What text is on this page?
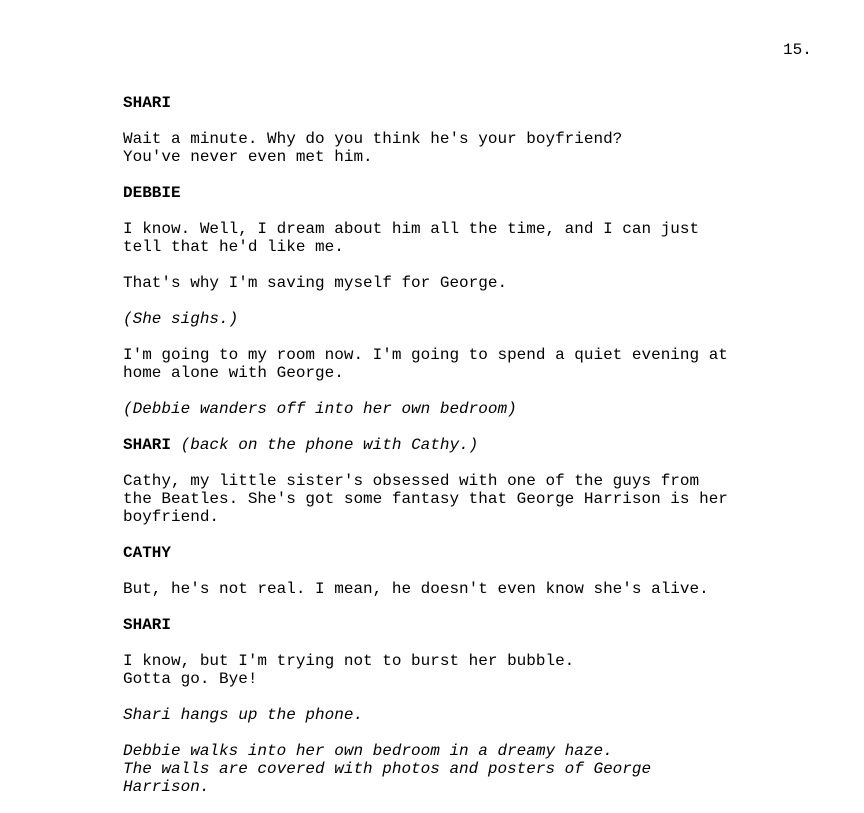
15.
SHARI
Wait a minute. Why do you think he's your boyfriend?
You've never even met him.
DEBBIE
I know. Well, I dream about him all the time, and I can just
tell that he'd like me.
That's why I'm saving myself for George.
(She sighs.)
I'm going to my room now. I'm going to spend a quiet evening at
home alone with George.
(Debbie wanders off into her own bedroom)
SHARI (back on the phone with Cathy.)
Cathy, my little sister's obsessed with one of the guys from
the Beatles. She's got some fantasy that George Harrison is her
boyfriend.
CATHY
But, he's not real. I mean, he doesn't even know she's alive.
SHARI
I know, but I'm trying not to burst her bubble.
Gotta go. Bye!
Shari hangs up the phone.
Debbie walks into her own bedroom in a dreamy haze.
The walls are covered with photos and posters of George
Harrison.
